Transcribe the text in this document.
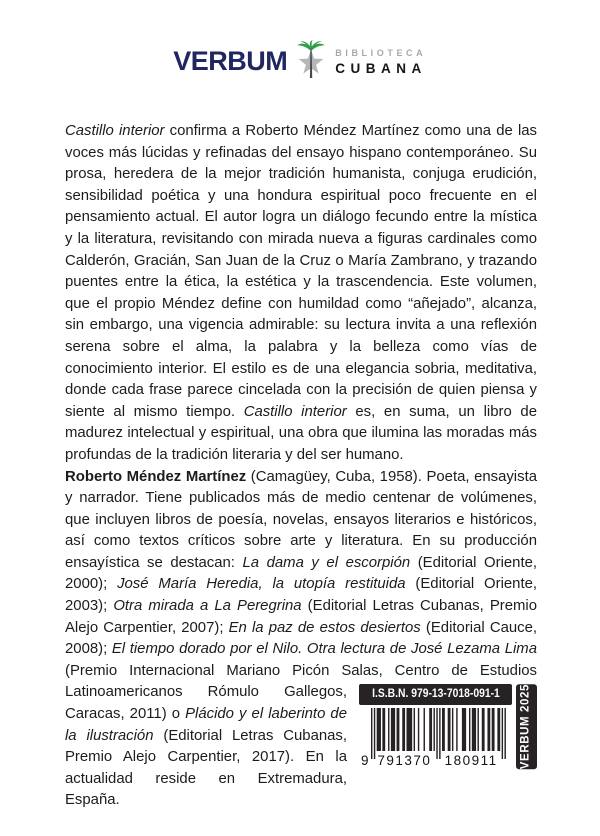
VERBUM	BIBLIOTECA
CUBANA

Castillo interior confirma a Roberto Méndez Martínez como una de las voces más lúcidas y refinadas del ensayo hispano contemporáneo. Su prosa, heredera de la mejor tradición humanista, conjuga erudición, sensibilidad poética y una hondura espiritual poco frecuente en el pensamiento actual. El autor logra un diálogo fecundo entre la mística y la literatura, revisitando con mirada nueva a figuras cardinales como Calderón, Gracián, San Juan de la Cruz o María Zambrano, y trazando puentes entre la ética, la estética y la trascendencia. Este volumen, que el propio Méndez define con humildad como “añejado”, alcanza, sin embargo, una vigencia admirable: su lectura invita a una reflexión serena sobre el alma, la palabra y la belleza como vías de conocimiento interior. El estilo es de una elegancia sobria, meditativa, donde cada frase parece cincelada con la precisión de quien piensa y siente al mismo tiempo. Castillo interior es, en suma, un libro de madurez intelectual y espiritual, una obra que ilumina las moradas más profundas de la tradición literaria y del ser humano.

Roberto Méndez Martínez (Camagüey, Cuba, 1958). Poeta, ensayista y narrador. Tiene publicados más de medio centenar de volúmenes, que incluyen libros de poesía, novelas, ensayos literarios e históricos, así como textos críticos sobre arte y literatura. En su producción ensayística se destacan: La dama y el escorpión (Editorial Oriente, 2000); José María Heredia, la utopía restituida (Editorial Oriente, 2003); Otra mirada a La Peregrina (Editorial Letras Cubanas, Premio Alejo Carpentier, 2007); En la paz de estos desiertos (Editorial Cauce, 2008); El tiempo dorado por el Nilo. Otra lectura de José Lezama Lima (Premio Internacional Mariano Picón Salas, Centro de Estudios
I.S.B.N. 979-13-7018-091-1
9 791370 180911	VERBUM 2025
Latinoamericanos Rómulo Gallegos, Caracas, 2011) o Plácido y el laberinto de la ilustración (Editorial Letras Cubanas, Premio Alejo Carpentier, 2017). En la actualidad reside en Extremadura, España.
